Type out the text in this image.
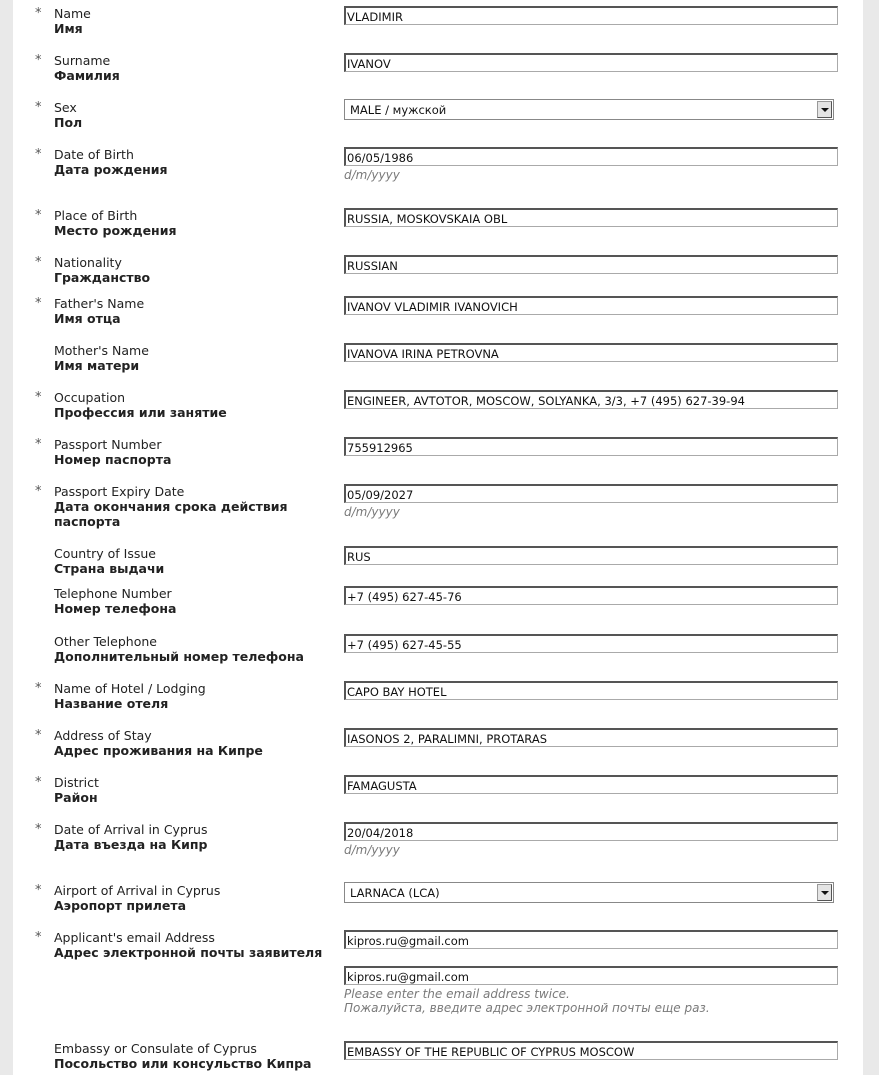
* Name
Имя
VLADIMIR
* Surname
Фамилия
IVANOV
* Sex
Пол
MALE / мужской
* Date of Birth
Дата рождения
06/05/1986
d/m/yyyy
* Place of Birth
Место рождения
RUSSIA, MOSKOVSKAIA OBL
* Nationality
Гражданство
RUSSIAN
* Father's Name
Имя отца
IVANOV VLADIMIR IVANOVICH
Mother's Name
Имя матери
IVANOVA IRINA PETROVNA
* Occupation
Профессия или занятие
ENGINEER, AVTOTOR, MOSCOW, SOLYANKA, 3/3, +7 (495) 627-39-94
* Passport Number
Номер паспорта
755912965
* Passport Expiry Date
Дата окончания срока действия паспорта
05/09/2027
d/m/yyyy
Country of Issue
Страна выдачи
RUS
Telephone Number
Номер телефона
+7 (495) 627-45-76
Other Telephone
Дополнительный номер телефона
+7 (495) 627-45-55
* Name of Hotel / Lodging
Название отеля
CAPO BAY HOTEL
* Address of Stay
Адрес проживания на Кипре
IASONOS 2, PARALIMNI, PROTARAS
* District
Район
FAMAGUSTA
* Date of Arrival in Cyprus
Дата въезда на Кипр
20/04/2018
d/m/yyyy
* Airport of Arrival in Cyprus
Аэропорт прилета
LARNACA (LCA)
* Applicant's email Address
Адрес электронной почты заявителя
kipros.ru@gmail.com
kipros.ru@gmail.com
Please enter the email address twice.
Пожалуйста, введите адрес электронной почты еще раз.
Embassy or Consulate of Cyprus
Посольство или консульство Кипра
EMBASSY OF THE REPUBLIC OF CYPRUS MOSCOW
